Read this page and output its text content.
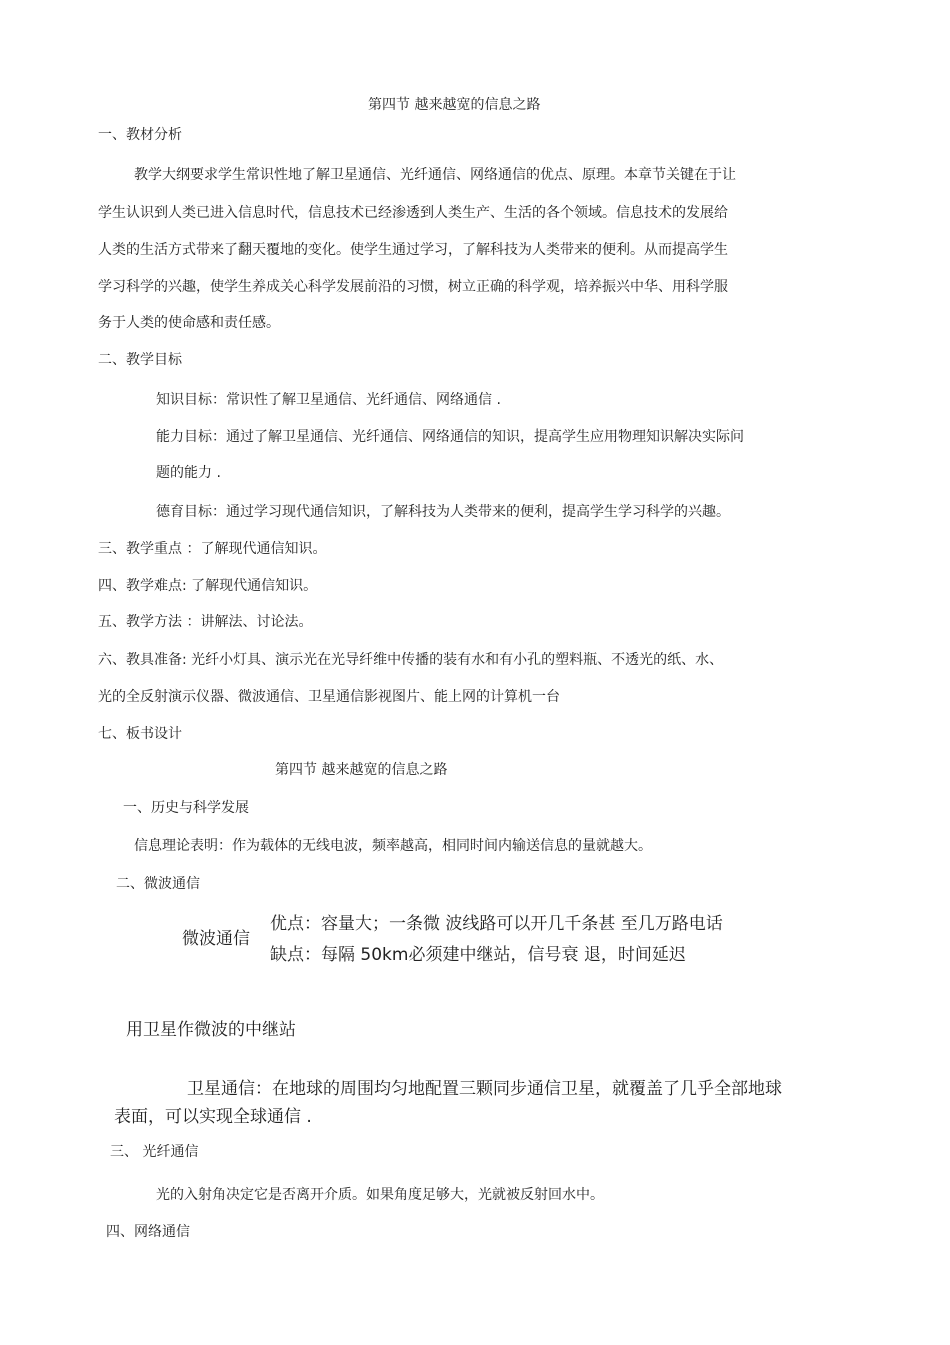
第四节 越来越宽的信息之路
一、教材分析
教学大纲要求学生常识性地了解卫星通信、光纤通信、网络通信的优点、原理。本章节关键在于让
学生认识到人类已进入信息时代，信息技术已经渗透到人类生产、生活的各个领域。信息技术的发展给
人类的生活方式带来了翻天覆地的变化。使学生通过学习，了解科技为人类带来的便利。从而提高学生
学习科学的兴趣，使学生养成关心科学发展前沿的习惯，树立正确的科学观，培养振兴中华、用科学服
务于人类的使命感和责任感。
二、教学目标
知识目标：常识性了解卫星通信、光纤通信、网络通信 .
能力目标：通过了解卫星通信、光纤通信、网络通信的知识，提高学生应用物理知识解决实际问
题的能力 .
德育目标：通过学习现代通信知识，了解科技为人类带来的便利，提高学生学习科学的兴趣。
三、教学重点 ：了解现代通信知识。
四、教学难点: 了解现代通信知识。
五、教学方法 ：讲解法、讨论法。
六、教具准备: 光纤小灯具、演示光在光导纤维中传播的装有水和有小孔的塑料瓶、不透光的纸、水、
光的全反射演示仪器、微波通信、卫星通信影视图片、能上网的计算机一台
七、板书设计
第四节 越来越宽的信息之路
一、历史与科学发展
信息理论表明：作为载体的无线电波，频率越高，相同时间内输送信息的量就越大。
二、微波通信
微波通信
优点：容量大；一条微 波线路可以开几千条甚 至几万路电话
缺点：每隔 50km必须建中继站，信号衰 退，时间延迟
用卫星作微波的中继站
卫星通信：在地球的周围均匀地配置三颗同步通信卫星，就覆盖了几乎全部地球
表面，可以实现全球通信 .
三、 光纤通信
光的入射角决定它是否离开介质。如果角度足够大，光就被反射回水中。
四、网络通信
